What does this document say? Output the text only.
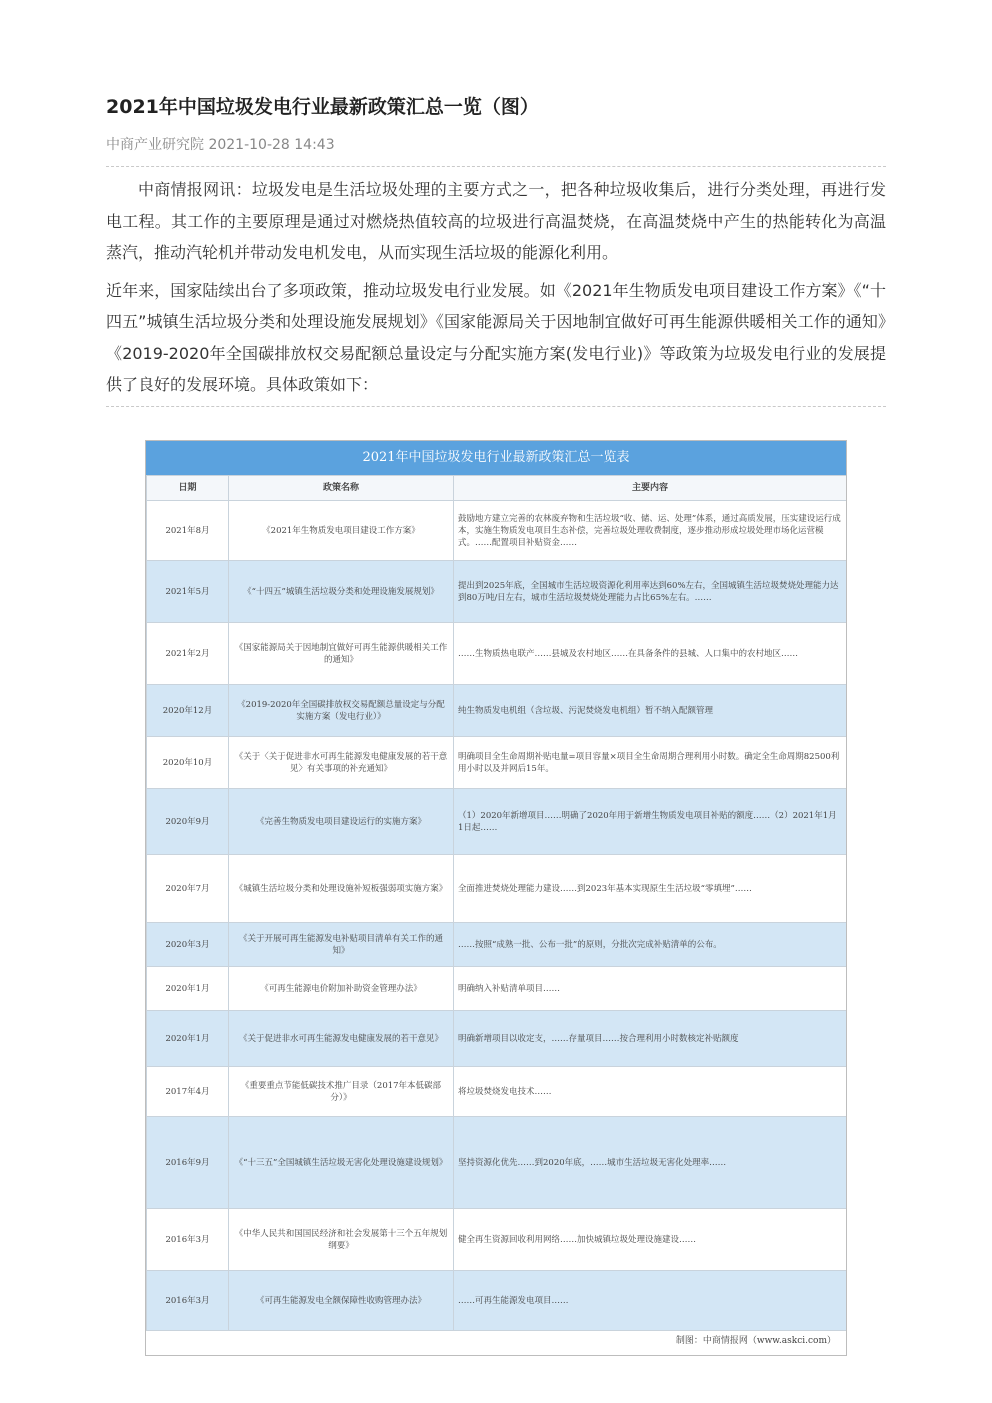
2021年中国垃圾发电行业最新政策汇总一览（图）
中商产业研究院 2021-10-28 14:43

中商情报网讯：垃圾发电是生活垃圾处理的主要方式之一，把各种垃圾收集后，进行分类处理，再进行发电工程。其工作的主要原理是通过对燃烧热值较高的垃圾进行高温焚烧，在高温焚烧中产生的热能转化为高温蒸汽，推动汽轮机并带动发电机发电，从而实现生活垃圾的能源化利用。

近年来，国家陆续出台了多项政策，推动垃圾发电行业发展。如《2021年生物质发电项目建设工作方案》《“十四五”城镇生活垃圾分类和处理设施发展规划》《国家能源局关于因地制宜做好可再生能源供暖相关工作的通知》《2019-2020年全国碳排放权交易配额总量设定与分配实施方案(发电行业)》等政策为垃圾发电行业的发展提供了良好的发展环境。具体政策如下：

2021年中国垃圾发电行业最新政策汇总一览表
日期	政策名称	主要内容
2021年8月	《2021年生物质发电项目建设工作方案》	鼓励地方建立完善的农林废弃物和生活垃圾“收、储、运、处理”体系，通过高质发展，压实建设运行成本，实施生物质发电项目生态补偿，完善垃圾处理收费制度，逐步推动形成垃圾处理市场化运营模式。……配置项目补贴资金……
2021年5月	《“十四五”城镇生活垃圾分类和处理设施发展规划》	提出到2025年底，全国城市生活垃圾资源化利用率达到60%左右，全国城镇生活垃圾焚烧处理能力达到80万吨/日左右，城市生活垃圾焚烧处理能力占比65%左右。……
2021年2月	《国家能源局关于因地制宜做好可再生能源供暖相关工作的通知》	……生物质热电联产……县城及农村地区……在具备条件的县城、人口集中的农村地区……
2020年12月	《2019-2020年全国碳排放权交易配额总量设定与分配实施方案（发电行业）》	纯生物质发电机组（含垃圾、污泥焚烧发电机组）暂不纳入配额管理
2020年10月	《关于〈关于促进非水可再生能源发电健康发展的若干意见〉有关事项的补充通知》	明确项目全生命周期补贴电量=项目容量×项目全生命周期合理利用小时数。确定全生命周期82500利用小时以及并网后15年。
2020年9月	《完善生物质发电项目建设运行的实施方案》	（1）2020年新增项目……明确了2020年用于新增生物质发电项目补贴的额度……（2）2021年1月1日起……
2020年7月	《城镇生活垃圾分类和处理设施补短板强弱项实施方案》	全面推进焚烧处理能力建设……到2023年基本实现原生生活垃圾“零填埋”……
2020年3月	《关于开展可再生能源发电补贴项目清单有关工作的通知》	……按照“成熟一批、公布一批”的原则，分批次完成补贴清单的公布。
2020年1月	《可再生能源电价附加补助资金管理办法》	明确纳入补贴清单项目……
2020年1月	《关于促进非水可再生能源发电健康发展的若干意见》	明确新增项目以收定支，……存量项目……按合理利用小时数核定补贴额度
2017年4月	《重要重点节能低碳技术推广目录（2017年本低碳部分）》	将垃圾焚烧发电技术……
2016年9月	《“十三五”全国城镇生活垃圾无害化处理设施建设规划》	坚持资源化优先……到2020年底，……城市生活垃圾无害化处理率……
2016年3月	《中华人民共和国国民经济和社会发展第十三个五年规划纲要》	健全再生资源回收利用网络……加快城镇垃圾处理设施建设……
2016年3月	《可再生能源发电全额保障性收购管理办法》	……可再生能源发电项目……
制图：中商情报网（www.askci.com）
